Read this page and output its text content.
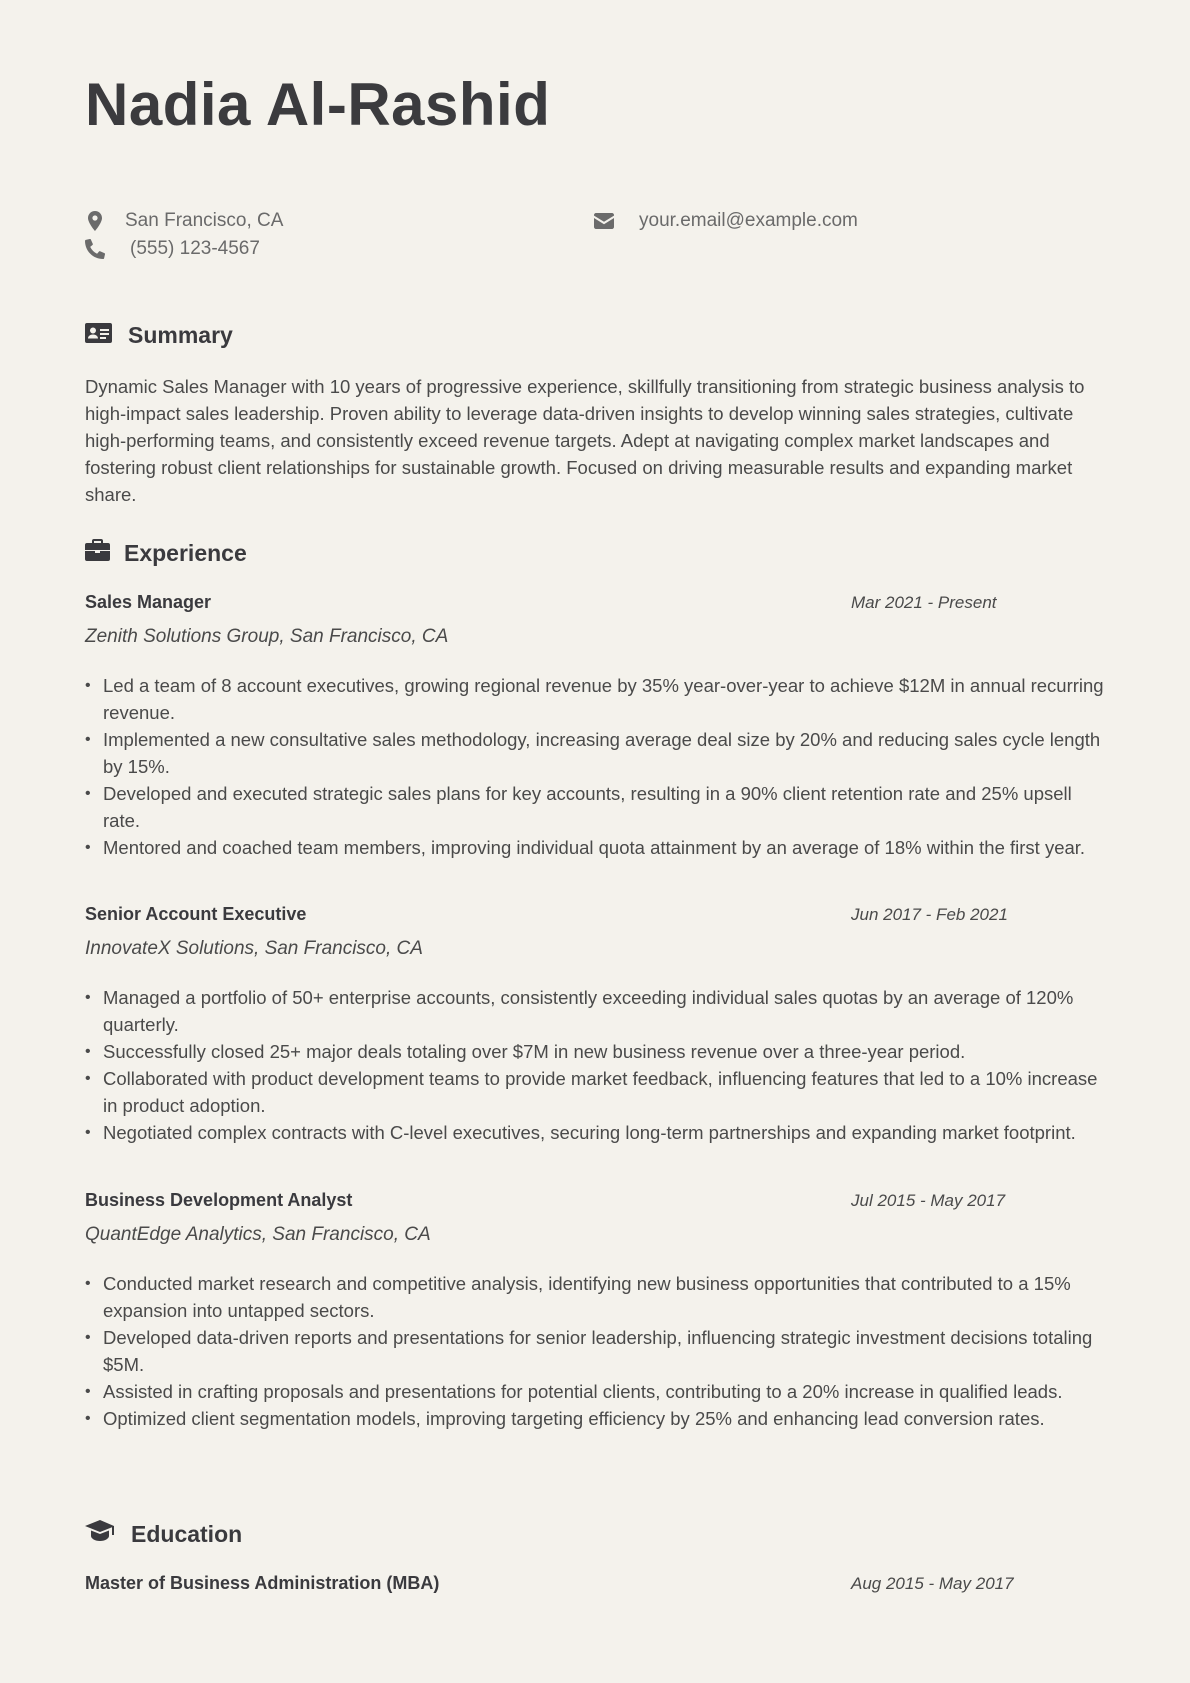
Nadia Al-Rashid
San Francisco, CA
(555) 123-4567
your.email@example.com
Summary
Dynamic Sales Manager with 10 years of progressive experience, skillfully transitioning from strategic business analysis to high-impact sales leadership. Proven ability to leverage data-driven insights to develop winning sales strategies, cultivate high-performing teams, and consistently exceed revenue targets. Adept at navigating complex market landscapes and fostering robust client relationships for sustainable growth. Focused on driving measurable results and expanding market share.
Experience
Sales Manager	Mar 2021 - Present
Zenith Solutions Group, San Francisco, CA
• Led a team of 8 account executives, growing regional revenue by 35% year-over-year to achieve $12M in annual recurring revenue.
• Implemented a new consultative sales methodology, increasing average deal size by 20% and reducing sales cycle length by 15%.
• Developed and executed strategic sales plans for key accounts, resulting in a 90% client retention rate and 25% upsell rate.
• Mentored and coached team members, improving individual quota attainment by an average of 18% within the first year.
Senior Account Executive	Jun 2017 - Feb 2021
InnovateX Solutions, San Francisco, CA
• Managed a portfolio of 50+ enterprise accounts, consistently exceeding individual sales quotas by an average of 120% quarterly.
• Successfully closed 25+ major deals totaling over $7M in new business revenue over a three-year period.
• Collaborated with product development teams to provide market feedback, influencing features that led to a 10% increase in product adoption.
• Negotiated complex contracts with C-level executives, securing long-term partnerships and expanding market footprint.
Business Development Analyst	Jul 2015 - May 2017
QuantEdge Analytics, San Francisco, CA
• Conducted market research and competitive analysis, identifying new business opportunities that contributed to a 15% expansion into untapped sectors.
• Developed data-driven reports and presentations for senior leadership, influencing strategic investment decisions totaling $5M.
• Assisted in crafting proposals and presentations for potential clients, contributing to a 20% increase in qualified leads.
• Optimized client segmentation models, improving targeting efficiency by 25% and enhancing lead conversion rates.
Education
Master of Business Administration (MBA)	Aug 2015 - May 2017
